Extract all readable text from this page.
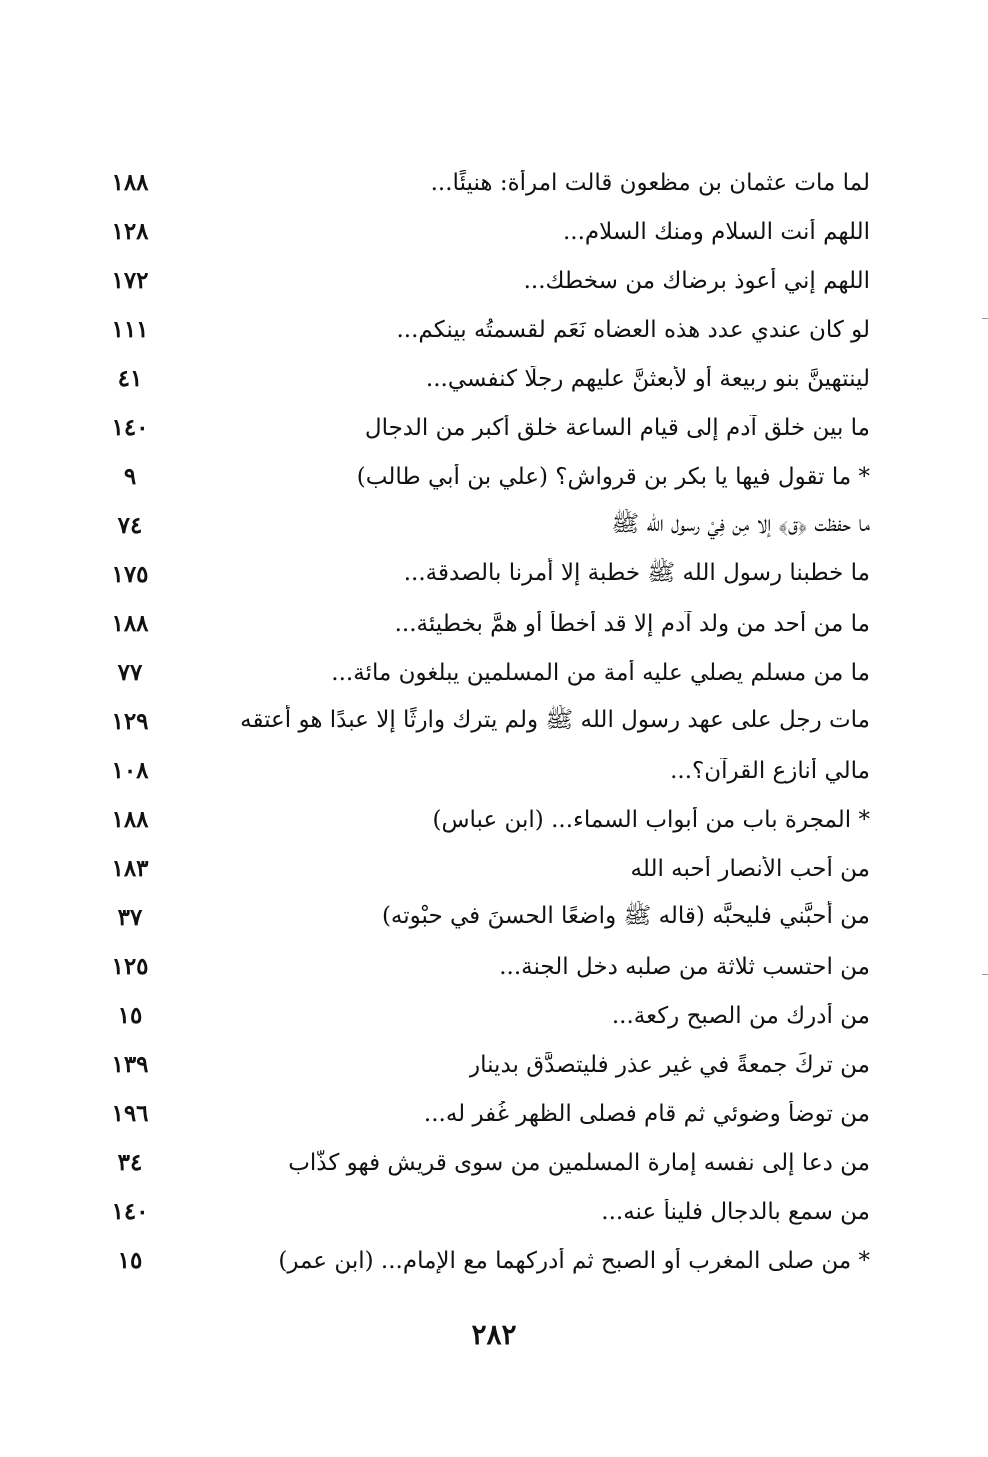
لما مات عثمان بن مظعون قالت امرأة: هنيئًا...
١٨٨
اللهم أنت السلام ومنك السلام...
١٢٨
اللهم إني أعوذ برضاك من سخطك...
١٧٢
لو كان عندي عدد هذه العضاه نَعَم لقسمتُه بينكم...
١١١
لينتهينَّ بنو ربيعة أو لأبعثنَّ عليهم رجلًا كنفسي...
٤١
ما بين خلق آدم إلى قيام الساعة خلق أكبر من الدجال
١٤٠
* ما تقول فيها يا بكر بن قرواش؟ (علي بن أبي طالب)
٩
ما حفظت ﴿ق﴾ إلا مِن فِيْ رسول الله ﷺ
٧٤
ما خطبنا رسول الله ﷺ خطبة إلا أمرنا بالصدقة...
١٧٥
ما من أحد من ولد آدم إلا قد أخطأ أو همَّ بخطيئة...
١٨٨
ما من مسلم يصلي عليه أمة من المسلمين يبلغون مائة...
٧٧
مات رجل على عهد رسول الله ﷺ ولم يترك وارثًا إلا عبدًا هو أعتقه
١٢٩
مالي أنازع القرآن؟...
١٠٨
* المجرة باب من أبواب السماء... (ابن عباس)
١٨٨
من أحب الأنصار أحبه الله
١٨٣
من أحبَّني فليحبَّه (قاله ﷺ واضعًا الحسنَ في حبْوته)
٣٧
من احتسب ثلاثة من صلبه دخل الجنة...
١٢٥
من أدرك من الصبح ركعة...
١٥
من تركَ جمعةً في غير عذرٍ فليتصدَّق بدينار
١٣٩
من توضأ وضوئي ثم قام فصلى الظهر غُفر له...
١٩٦
من دعا إلى نفسه إمارة المسلمين من سوى قريش فهو كذَّاب
٣٤
من سمع بالدجال فلينأ عنه...
١٤٠
* من صلى المغرب أو الصبح ثم أدركهما مع الإمام... (ابن عمر)
١٥
٢٨٢
